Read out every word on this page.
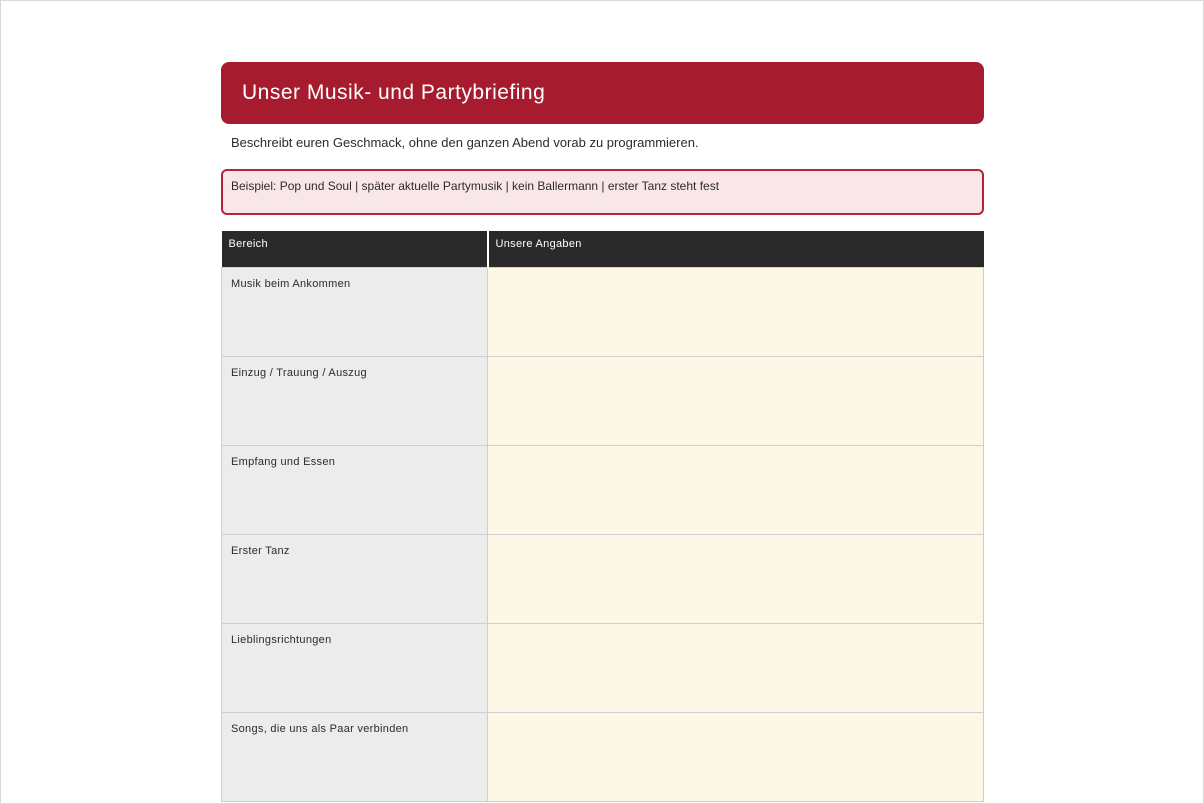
Unser Musik- und Partybriefing
Beschreibt euren Geschmack, ohne den ganzen Abend vorab zu programmieren.
Beispiel: Pop und Soul | später aktuelle Partymusik | kein Ballermann | erster Tanz steht fest
Bereich	Unsere Angaben
Musik beim Ankommen	
Einzug / Trauung / Auszug	
Empfang und Essen	
Erster Tanz	
Lieblingsrichtungen	
Songs, die uns als Paar verbinden	
